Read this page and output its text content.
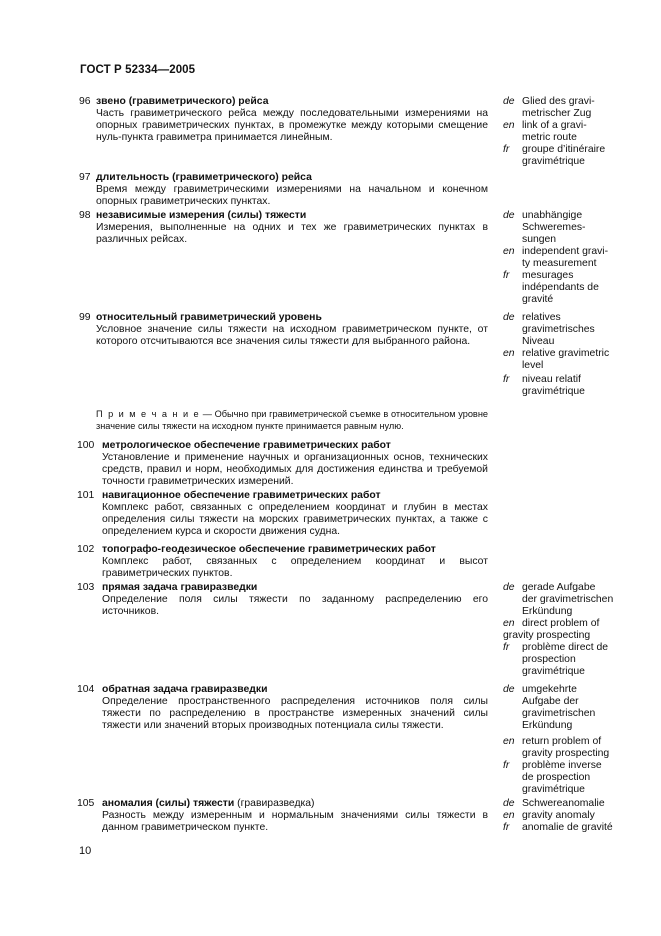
ГОСТ Р 52334—2005
96 звено (гравиметрического) рейса
Часть гравиметрического рейса между последовательными измерениями на опорных гравиметрических пунктах, в промежутке между которыми смещение нуль-пункта гравиметра принимается линейным.
de Glied des gravi-
metrischer Zug
en link of a gravi-
metric route
fr groupe d’itinéraire
gravimétrique
97 длительность (гравиметрического) рейса
Время между гравиметрическими измерениями на начальном и конечном опорных гравиметрических пунктах.
98 независимые измерения (силы) тяжести
Измерения, выполненные на одних и тех же гравиметрических пунктах в различных рейсах.
de unabhängige
Schweremes-
sungen
en independent gravi-
ty measurement
fr mesurages
indépendants de
gravité
99 относительный гравиметрический уровень
Условное значение силы тяжести на исходном гравиметрическом пункте, от которого отсчитываются все значения силы тяжести для выбранного района.
de relatives
gravimetrisches
Niveau
en relative gravimetric
level
fr niveau relatif
gravimétrique
П р и м е ч а н и е — Обычно при гравиметрической съемке в относительном уровне значение силы тяжести на исходном пункте принимается равным нулю.
100 метрологическое обеспечение гравиметрических работ
Установление и применение научных и организационных основ, технических средств, правил и норм, необходимых для достижения единства и требуемой точности гравиметрических измерений.
101 навигационное обеспечение гравиметрических работ
Комплекс работ, связанных с определением координат и глубин в местах определения силы тяжести на морских гравиметрических пунктах, а также с определением курса и скорости движения судна.
102 топографо-геодезическое обеспечение гравиметрических работ
Комплекс работ, связанных с определением координат и высот гравиметрических пунктов.
103 прямая задача гравиразведки
Определение поля силы тяжести по заданному распределению его источников.
de gerade Aufgabe
der gravimetrischen
Erkündung
en direct problem of
gravity prospecting
fr problème direct de
prospection
gravimétrique
104 обратная задача гравиразведки
Определение пространственного распределения источников поля силы тяжести по распределению в пространстве измеренных значений силы тяжести или значений вторых производных потенциала силы тяжести.
de umgekehrte
Aufgabe der
gravimetrischen
Erkündung
en return problem of
gravity prospecting
fr problème inverse
de prospection
gravimétrique
105 аномалия (силы) тяжести (гравиразведка)
Разность между измеренным и нормальным значениями силы тяжести в данном гравиметрическом пункте.
de Schwereanomalie
en gravity anomaly
fr anomalie de gravité
10
